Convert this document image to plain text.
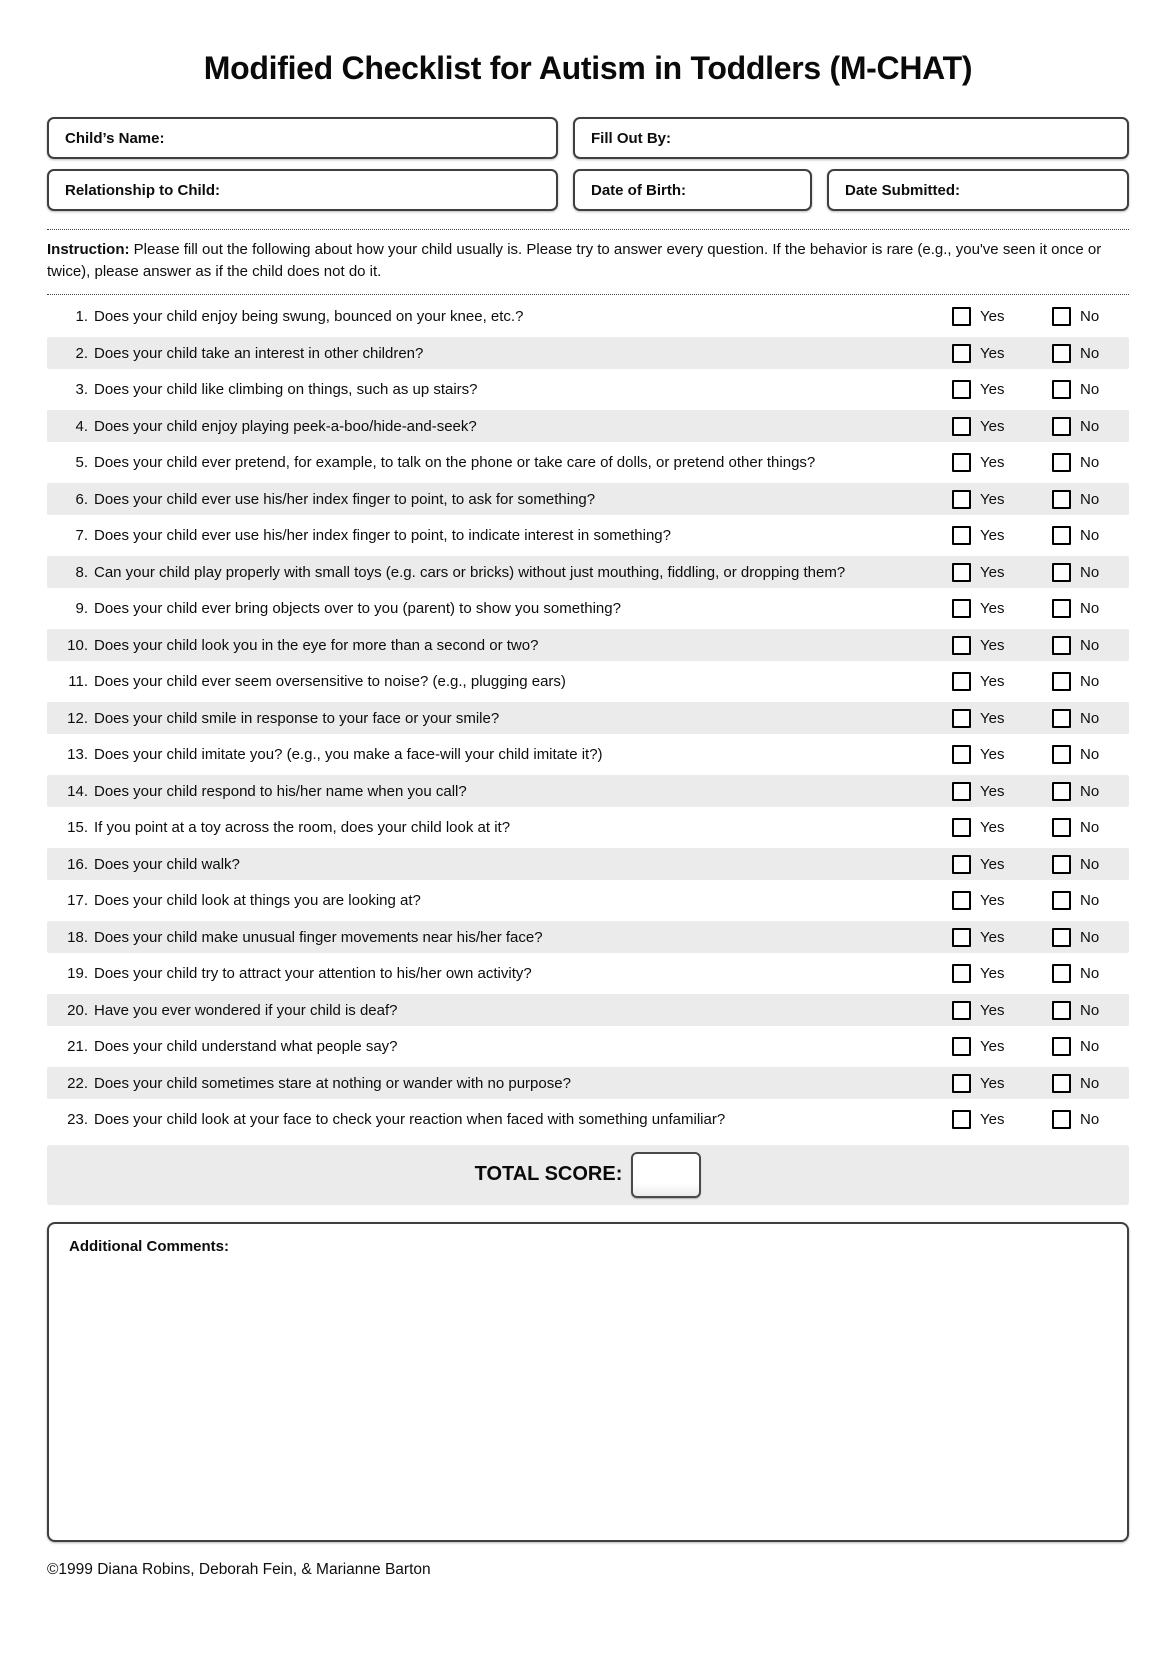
Modified Checklist for Autism in Toddlers (M-CHAT)
Child’s Name:	Fill Out By:
Relationship to Child:	Date of Birth:	Date Submitted:
Instruction: Please fill out the following about how your child usually is. Please try to answer every question. If the behavior is rare (e.g., you've seen it once or twice), please answer as if the child does not do it.
1. Does your child enjoy being swung, bounced on your knee, etc.?	Yes	No
2. Does your child take an interest in other children?	Yes	No
3. Does your child like climbing on things, such as up stairs?	Yes	No
4. Does your child enjoy playing peek-a-boo/hide-and-seek?	Yes	No
5. Does your child ever pretend, for example, to talk on the phone or take care of dolls, or pretend other things?	Yes	No
6. Does your child ever use his/her index finger to point, to ask for something?	Yes	No
7. Does your child ever use his/her index finger to point, to indicate interest in something?	Yes	No
8. Can your child play properly with small toys (e.g. cars or bricks) without just mouthing, fiddling, or dropping them?	Yes	No
9. Does your child ever bring objects over to you (parent) to show you something?	Yes	No
10. Does your child look you in the eye for more than a second or two?	Yes	No
11. Does your child ever seem oversensitive to noise? (e.g., plugging ears)	Yes	No
12. Does your child smile in response to your face or your smile?	Yes	No
13. Does your child imitate you? (e.g., you make a face-will your child imitate it?)	Yes	No
14. Does your child respond to his/her name when you call?	Yes	No
15. If you point at a toy across the room, does your child look at it?	Yes	No
16. Does your child walk?	Yes	No
17. Does your child look at things you are looking at?	Yes	No
18. Does your child make unusual finger movements near his/her face?	Yes	No
19. Does your child try to attract your attention to his/her own activity?	Yes	No
20. Have you ever wondered if your child is deaf?	Yes	No
21. Does your child understand what people say?	Yes	No
22. Does your child sometimes stare at nothing or wander with no purpose?	Yes	No
23. Does your child look at your face to check your reaction when faced with something unfamiliar?	Yes	No
TOTAL SCORE:
Additional Comments:
©1999 Diana Robins, Deborah Fein, & Marianne Barton
